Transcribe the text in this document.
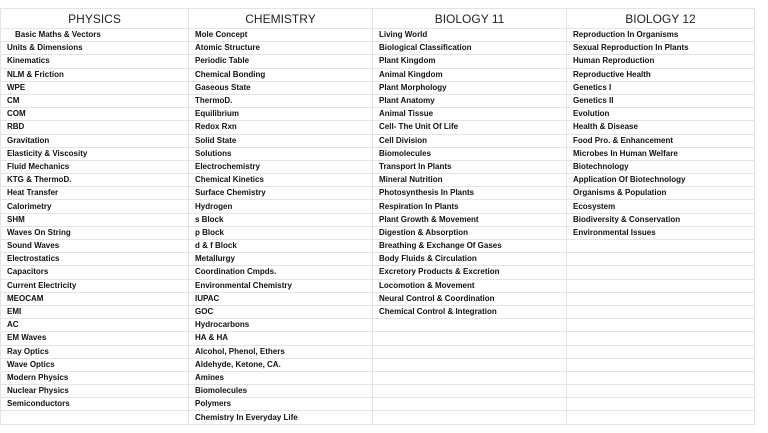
PHYSICS	CHEMISTRY	BIOLOGY 11	BIOLOGY 12
Basic Maths & Vectors	Mole Concept	Living World	Reproduction In Organisms
Units & Dimensions	Atomic Structure	Biological Classification	Sexual Reproduction In Plants
Kinematics	Periodic Table	Plant Kingdom	Human Reproduction
NLM & Friction	Chemical Bonding	Animal Kingdom	Reproductive Health
WPE	Gaseous State	Plant Morphology	Genetics I
CM	ThermoD.	Plant Anatomy	Genetics II
COM	Equilibrium	Animal Tissue	Evolution
RBD	Redox Rxn	Cell- The Unit Of Life	Health & Disease
Gravitation	Solid State	Cell Division	Food Pro. & Enhancement
Elasticity & Viscosity	Solutions	Biomolecules	Microbes In Human Welfare
Fluid Mechanics	Electrochemistry	Transport In Plants	Biotechnology
KTG & ThermoD.	Chemical Kinetics	Mineral Nutrition	Application Of Biotechnology
Heat Transfer	Surface Chemistry	Photosynthesis In Plants	Organisms & Population
Calorimetry	Hydrogen	Respiration In Plants	Ecosystem
SHM	s Block	Plant Growth & Movement	Biodiversity & Conservation
Waves On String	p Block	Digestion & Absorption	Environmental Issues
Sound Waves	d & f Block	Breathing & Exchange Of Gases	
Electrostatics	Metallurgy	Body Fluids & Circulation	
Capacitors	Coordination Cmpds.	Excretory Products & Excretion	
Current Electricity	Environmental Chemistry	Locomotion & Movement	
MEOCAM	IUPAC	Neural Control & Coordination	
EMI	GOC	Chemical Control & Integration	
AC	Hydrocarbons		
EM Waves	HA & HA		
Ray Optics	Alcohol, Phenol, Ethers		
Wave Optics	Aldehyde, Ketone, CA.		
Modern Physics	Amines		
Nuclear Physics	Biomolecules		
Semiconductors	Polymers		
	Chemistry In Everyday Life		
